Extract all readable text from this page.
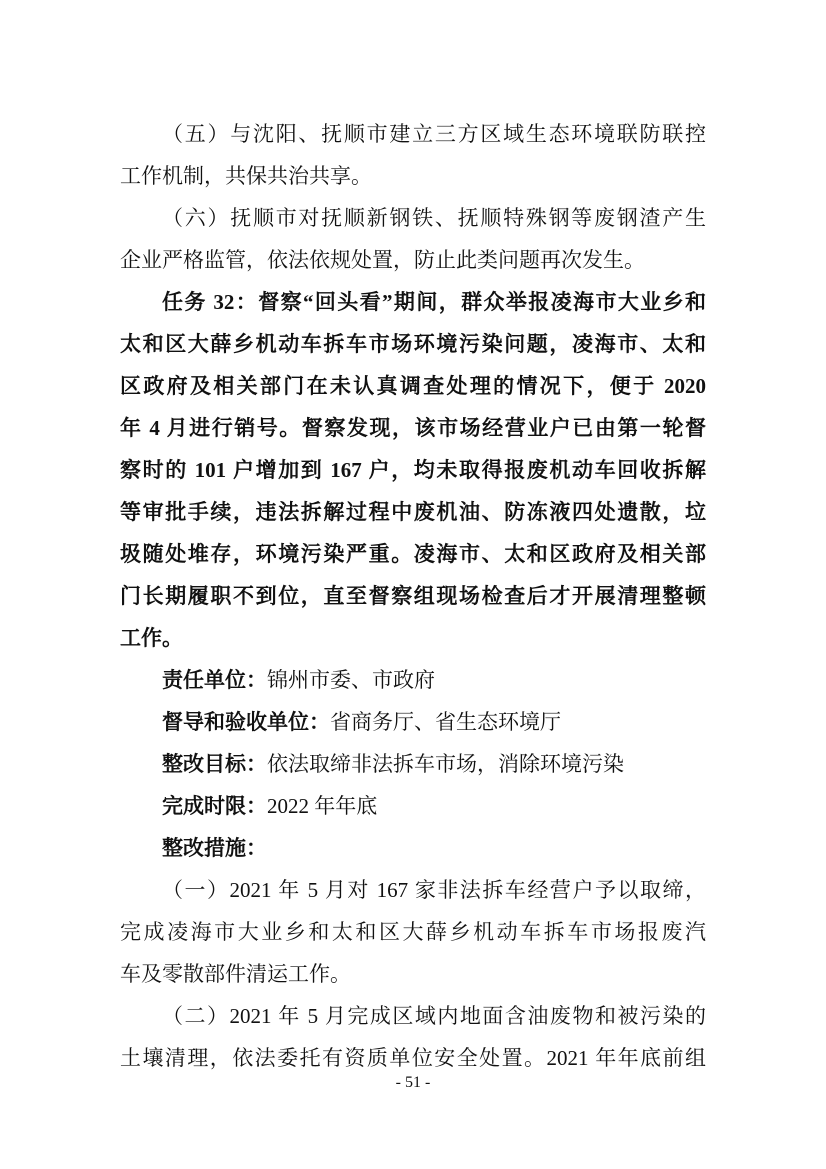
（五）与沈阳、抚顺市建立三方区域生态环境联防联控
工作机制，共保共治共享。
（六）抚顺市对抚顺新钢铁、抚顺特殊钢等废钢渣产生
企业严格监管，依法依规处置，防止此类问题再次发生。
任务 32：督察“回头看”期间，群众举报凌海市大业乡和
太和区大薛乡机动车拆车市场环境污染问题，凌海市、太和
区政府及相关部门在未认真调查处理的情况下，便于 2020
年 4 月进行销号。督察发现，该市场经营业户已由第一轮督
察时的 101 户增加到 167 户，均未取得报废机动车回收拆解
等审批手续，违法拆解过程中废机油、防冻液四处遗散，垃
圾随处堆存，环境污染严重。凌海市、太和区政府及相关部
门长期履职不到位，直至督察组现场检查后才开展清理整顿
工作。
责任单位：锦州市委、市政府
督导和验收单位：省商务厅、省生态环境厅
整改目标：依法取缔非法拆车市场，消除环境污染
完成时限：2022 年年底
整改措施：
（一）2021 年 5 月对 167 家非法拆车经营户予以取缔，
完成凌海市大业乡和太和区大薛乡机动车拆车市场报废汽
车及零散部件清运工作。
（二）2021 年 5 月完成区域内地面含油废物和被污染的
土壤清理，依法委托有资质单位安全处置。2021 年年底前组
- 51 -
